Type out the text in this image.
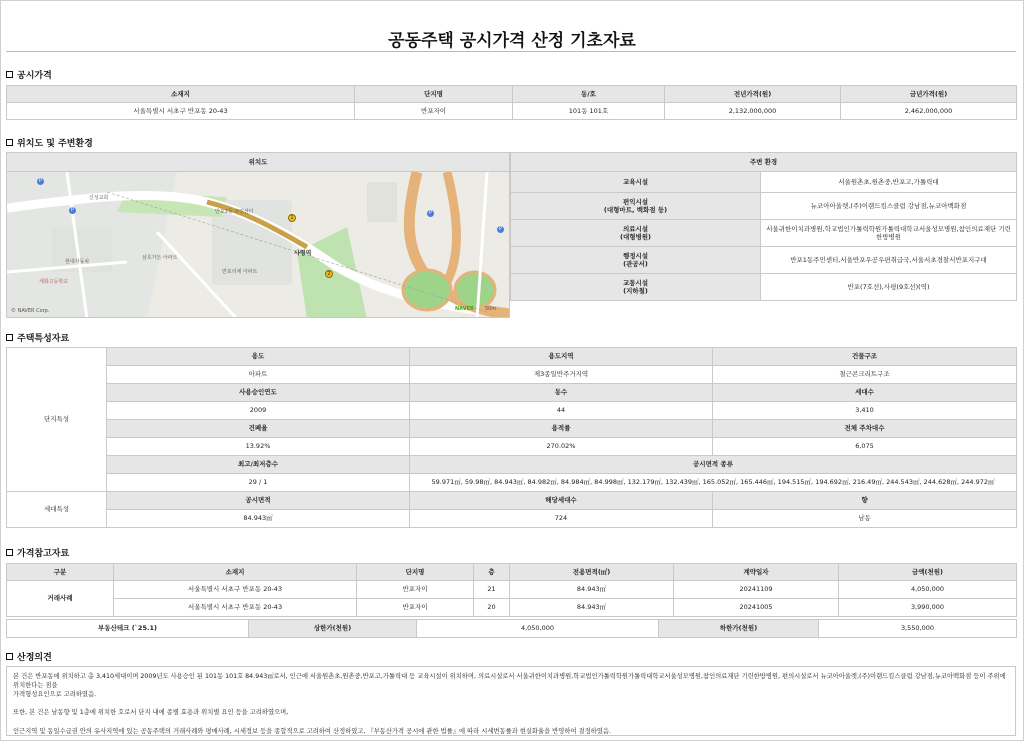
공동주택 공시가격 산정 기초자료
공시가격
소재지	단지명	동/호	전년가격(원)	금년가격(원)
서울특별시 서초구 반포동 20-43	반포자이	101동 101호	2,132,000,000	2,462,000,000
위치도 및 주변환경
위치도
1
2
P
P	P
P
신성교회
사평역
반포3동 주민센터
삼호가든 아파트
반포리체 아파트
세화고등학교
현대자동차
© NAVER Corp.	50m
NAVER
주변 환경	
교육시설	서울원촌초,원촌중,반포고,가톨릭대

편익시설
(대형마트, 백화점 등)	뉴코아아울렛,(주)이랜드킴스클럽 강남점,뉴코아백화점

의료시설
(대형병원)	서울귀한이치과병원,학교법인가톨릭학원가톨릭대학교서울성모병원,참인의료재단 기린한방병원

행정시설
(관공서)	반포1동주민센터,서울반포우공우편취급국,서울서초경찰서반포지구대

교통시설
(지하철)	반포(7호선),사평(9호선)(역)
주택특성자료
단지특성	용도	용도지역	건물구조
	아파트	제3종일반주거지역	철근콘크리트구조
	사용승인연도	동수	세대수
	2009	44	3,410
	건폐율	용적률	전체 주차대수
	13.92%	270.02%	6,075
	최고/최저층수	공시면적 종류	
	29 / 1	59.971㎡, 59.98㎡, 84.943㎡, 84.982㎡, 84.984㎡, 84.998㎡, 132.179㎡, 132.439㎡, 165.052㎡, 165.446㎡, 194.515㎡, 194.692㎡, 216.49㎡, 244.543㎡, 244.628㎡, 244.972㎡	
세대특성	공시면적	해당세대수	향
	84.943㎡	724	남동
가격참고자료
구분	소재지	단지명	층	전용면적(㎡)	계약일자	금액(천원)
거래사례	서울특별시 서초구 반포동 20-43	반포자이	21	84.943㎡	20241109	4,050,000
	서울특별시 서초구 반포동 20-43	반포자이	20	84.943㎡	20241005	3,990,000
부동산테크 (`25.1)	상한가(천원)	4,050,000	하한가(천원)	3,550,000
산정의견

본 건은 반포동에 위치하고 총 3,410세대이며 2009년도 사용승인 된 101동 101호 84.943㎡로서, 인근에 서울원촌초,원촌중,반포고,가톨릭대 등 교육시설이 위치하며, 의료시설로서 서울귀한이치과병원,학교법인가톨릭학원가톨릭대학교서울성모병원,참인의료재단 기린한방병원, 편의시설로서 뉴코아아울렛,(주)이랜드킴스클럽 강남점,뉴코아백화점 등이 주위에 위치한다는 점을
가격형성요인으로 고려하였음.

또한, 본 건은 남동향 및 1층에 위치한 호로서 단지 내에 종별 효용과 위치별 요인 등을 고려하였으며,

인근지역 및 동일수급권 안의 유사지역에 있는 공동주택의 거래사례와 평매사례, 시세정보 등을 종합적으로 고려하여 산정하였고, 『부동산가격 공시에 관한 법률』에 따라 시세변동률과 현실화율을 반영하여 결정하였음.
